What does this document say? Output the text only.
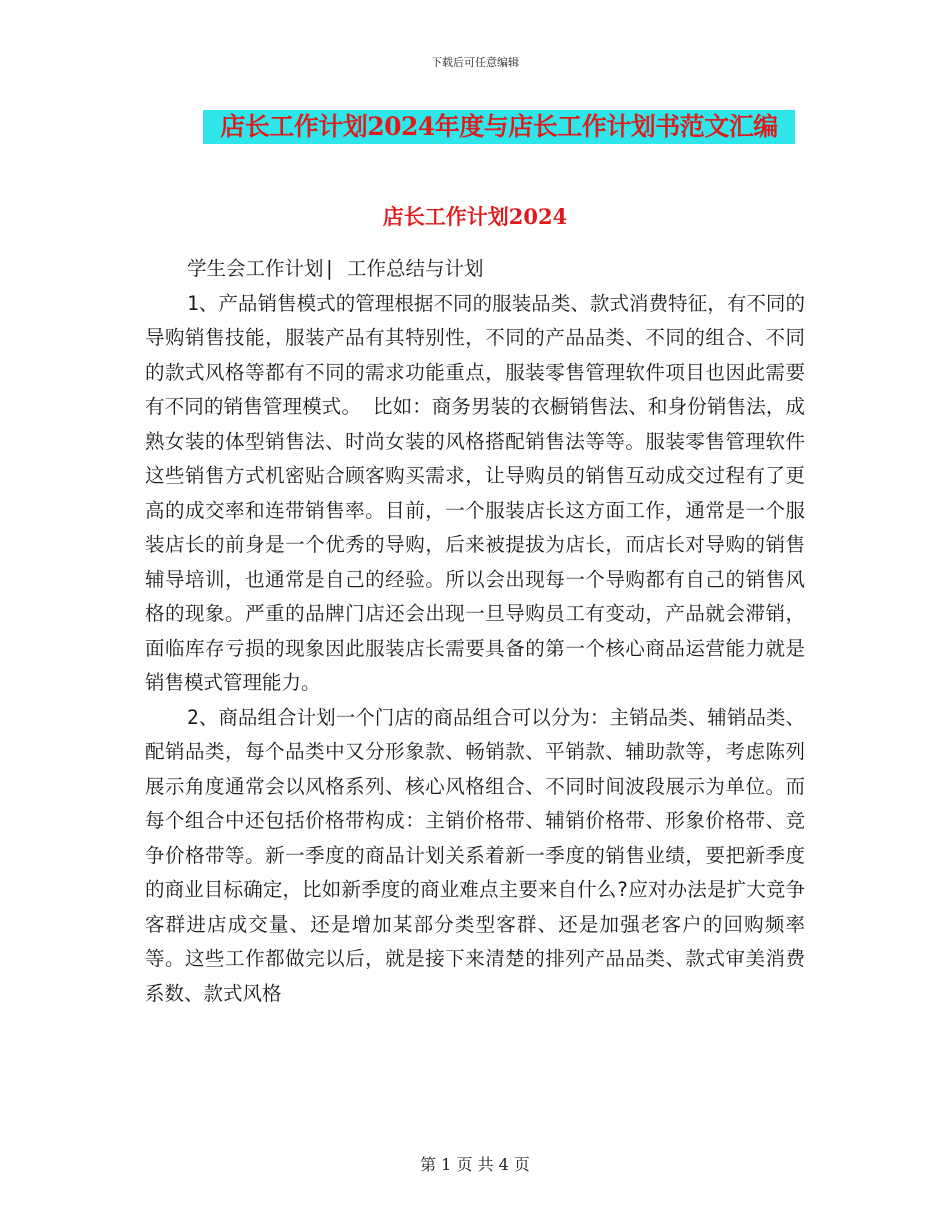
下载后可任意编辑
店长工作计划2024年度与店长工作计划书范文汇编
店长工作计划2024

学生会工作计划| 工作总结与计划

1、产品销售模式的管理根据不同的服装品类、款式消费特征，有不同的导购销售技能，服装产品有其特别性，不同的产品品类、不同的组合、不同的款式风格等都有不同的需求功能重点，服装零售管理软件项目也因此需要有不同的销售管理模式。 比如：商务男装的衣橱销售法、和身份销售法，成熟女装的体型销售法、时尚女装的风格搭配销售法等等。服装零售管理软件这些销售方式机密贴合顾客购买需求，让导购员的销售互动成交过程有了更高的成交率和连带销售率。目前，一个服装店长这方面工作，通常是一个服装店长的前身是一个优秀的导购，后来被提拔为店长，而店长对导购的销售辅导培训，也通常是自己的经验。所以会出现每一个导购都有自己的销售风格的现象。严重的品牌门店还会出现一旦导购员工有变动，产品就会滞销，面临库存亏损的现象因此服装店长需要具备的第一个核心商品运营能力就是销售模式管理能力。

2、商品组合计划一个门店的商品组合可以分为：主销品类、辅销品类、配销品类，每个品类中又分形象款、畅销款、平销款、辅助款等，考虑陈列展示角度通常会以风格系列、核心风格组合、不同时间波段展示为单位。而每个组合中还包括价格带构成：主销价格带、辅销价格带、形象价格带、竞争价格带等。新一季度的商品计划关系着新一季度的销售业绩，要把新季度的商业目标确定，比如新季度的商业难点主要来自什么?应对办法是扩大竞争客群进店成交量、还是增加某部分类型客群、还是加强老客户的回购频率等。这些工作都做完以后，就是接下来清楚的排列产品品类、款式审美消费系数、款式风格

第 1 页 共 4 页
